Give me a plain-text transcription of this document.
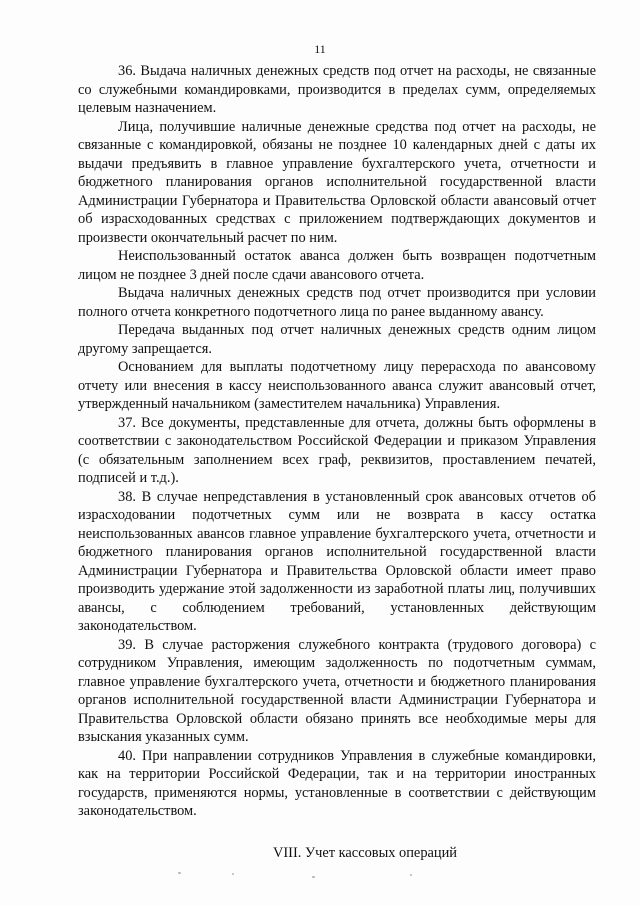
11

36. Выдача наличных денежных средств под отчет на расходы, не связанные со служебными командировками, производится в пределах сумм, определяемых целевым назначением.

Лица, получившие наличные денежные средства под отчет на расходы, не связанные с командировкой, обязаны не позднее 10 календарных дней с даты их выдачи предъявить в главное управление бухгалтерского учета, отчетности и бюджетного планирования органов исполнительной государственной власти Администрации Губернатора и Правительства Орловской области авансовый отчет об израсходованных средствах с приложением подтверждающих документов и произвести окончательный расчет по ним.

Неиспользованный остаток аванса должен быть возвращен подотчетным лицом не позднее 3 дней после сдачи авансового отчета.

Выдача наличных денежных средств под отчет производится при условии полного отчета конкретного подотчетного лица по ранее выданному авансу.

Передача выданных под отчет наличных денежных средств одним лицом другому запрещается.

Основанием для выплаты подотчетному лицу перерасхода по авансовому отчету или внесения в кассу неиспользованного аванса служит авансовый отчет, утвержденный начальником (заместителем начальника) Управления.

37. Все документы, представленные для отчета, должны быть оформлены в соответствии с законодательством Российской Федерации и приказом Управления (с обязательным заполнением всех граф, реквизитов, проставлением печатей, подписей и т.д.).

38. В случае непредставления в установленный срок авансовых отчетов об израсходовании подотчетных сумм или не возврата в кассу остатка неиспользованных авансов главное управление бухгалтерского учета, отчетности и бюджетного планирования органов исполнительной государственной власти Администрации Губернатора и Правительства Орловской области имеет право производить удержание этой задолженности из заработной платы лиц, получивших авансы, с соблюдением требований, установленных действующим законодательством.

39. В случае расторжения служебного контракта (трудового договора) с сотрудником Управления, имеющим задолженность по подотчетным суммам, главное управление бухгалтерского учета, отчетности и бюджетного планирования органов исполнительной государственной власти Администрации Губернатора и Правительства Орловской области обязано принять все необходимые меры для взыскания указанных сумм.

40. При направлении сотрудников Управления в служебные командировки, как на территории Российской Федерации, так и на территории иностранных государств, применяются нормы, установленные в соответствии с действующим законодательством.

VIII. Учет кассовых операций
